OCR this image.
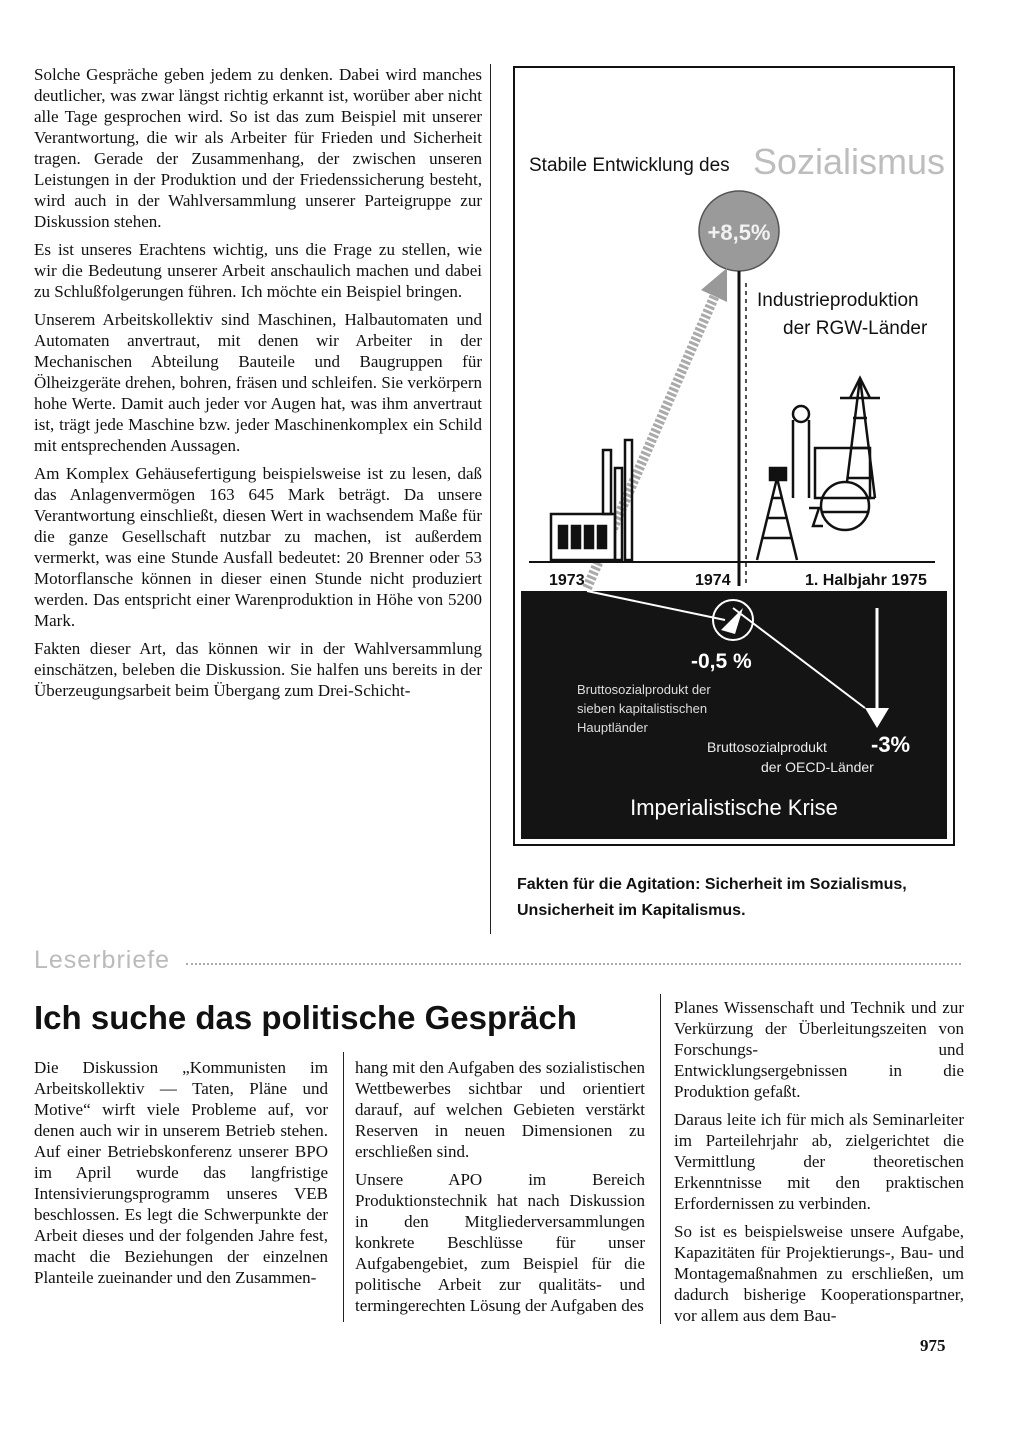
Solche Gespräche geben jedem zu denken. Dabei wird manches deutlicher, was zwar längst richtig erkannt ist, worüber aber nicht alle Tage gesprochen wird. So ist das zum Beispiel mit unserer Verantwortung, die wir als Arbeiter für Frieden und Sicherheit tragen. Gerade der Zusammenhang, der zwischen unseren Leistungen in der Produktion und der Friedenssicherung besteht, wird auch in der Wahlversammlung unserer Parteigruppe zur Diskussion stehen.

Es ist unseres Erachtens wichtig, uns die Frage zu stellen, wie wir die Bedeutung unserer Arbeit anschaulich machen und dabei zu Schlußfolgerungen führen. Ich möchte ein Beispiel bringen.

Unserem Arbeitskollektiv sind Maschinen, Halbautomaten und Automaten anvertraut, mit denen wir Arbeiter in der Mechanischen Abteilung Bauteile und Baugruppen für Ölheizgeräte drehen, bohren, fräsen und schleifen. Sie verkörpern hohe Werte. Damit auch jeder vor Augen hat, was ihm anvertraut ist, trägt jede Maschine bzw. jeder Maschinenkomplex ein Schild mit entsprechenden Aussagen.

Am Komplex Gehäusefertigung beispielsweise ist zu lesen, daß das Anlagenvermögen 163 645 Mark beträgt. Da unsere Verantwortung einschließt, diesen Wert in wachsendem Maße für die ganze Gesellschaft nutzbar zu machen, ist außerdem vermerkt, was eine Stunde Ausfall bedeutet: 20 Brenner oder 53 Motorflansche können in dieser einen Stunde nicht produziert werden. Das entspricht einer Warenproduktion in Höhe von 5200 Mark.

Fakten dieser Art, das können wir in der Wahlversammlung einschätzen, beleben die Diskussion. Sie halfen uns bereits in der Überzeugungsarbeit beim Übergang zum Drei-Schicht-

Stabile Entwicklung des Sozialismus
+8,5%
Industrieproduktion
der RGW-Länder
1973	1974	1. Halbjahr 1975
-0,5 %
Bruttosozialprodukt der
sieben kapitalistischen
Hauptländer
Bruttosozialprodukt
der OECD-Länder
-3%
Imperialistische Krise
Fakten für die Agitation: Sicherheit im Sozialismus,
Unsicherheit im Kapitalismus.
Leserbriefe
Ich suche das politische Gespräch

Die Diskussion „Kommunisten im Arbeitskollektiv — Taten, Pläne und Motive“ wirft viele Probleme auf, vor denen auch wir in unserem Betrieb stehen. Auf einer Betriebskonferenz unserer BPO im April wurde das langfristige Intensivierungsprogramm unseres VEB beschlossen. Es legt die Schwerpunkte der Arbeit dieses und der folgenden Jahre fest, macht die Beziehungen der einzelnen Planteile zueinander und den Zusammen-

hang mit den Aufgaben des sozialistischen Wettbewerbes sichtbar und orientiert darauf, auf welchen Gebieten verstärkt Reserven in neuen Dimensionen zu erschließen sind.

Unsere APO im Bereich Produktionstechnik hat nach Diskussion in den Mitgliederversammlungen konkrete Beschlüsse für unser Aufgabengebiet, zum Beispiel für die politische Arbeit zur qualitäts- und termingerechten Lösung der Aufgaben des

Planes Wissenschaft und Technik und zur Verkürzung der Überleitungszeiten von Forschungs- und Entwicklungsergebnissen in die Produktion gefaßt.

Daraus leite ich für mich als Seminarleiter im Parteilehrjahr ab, zielgerichtet die Vermittlung der theoretischen Erkenntnisse mit den praktischen Erfordernissen zu verbinden.

So ist es beispielsweise unsere Aufgabe, Kapazitäten für Projektierungs-, Bau- und Montagemaßnahmen zu erschließen, um dadurch bisherige Kooperationspartner, vor allem aus dem Bau-

975
